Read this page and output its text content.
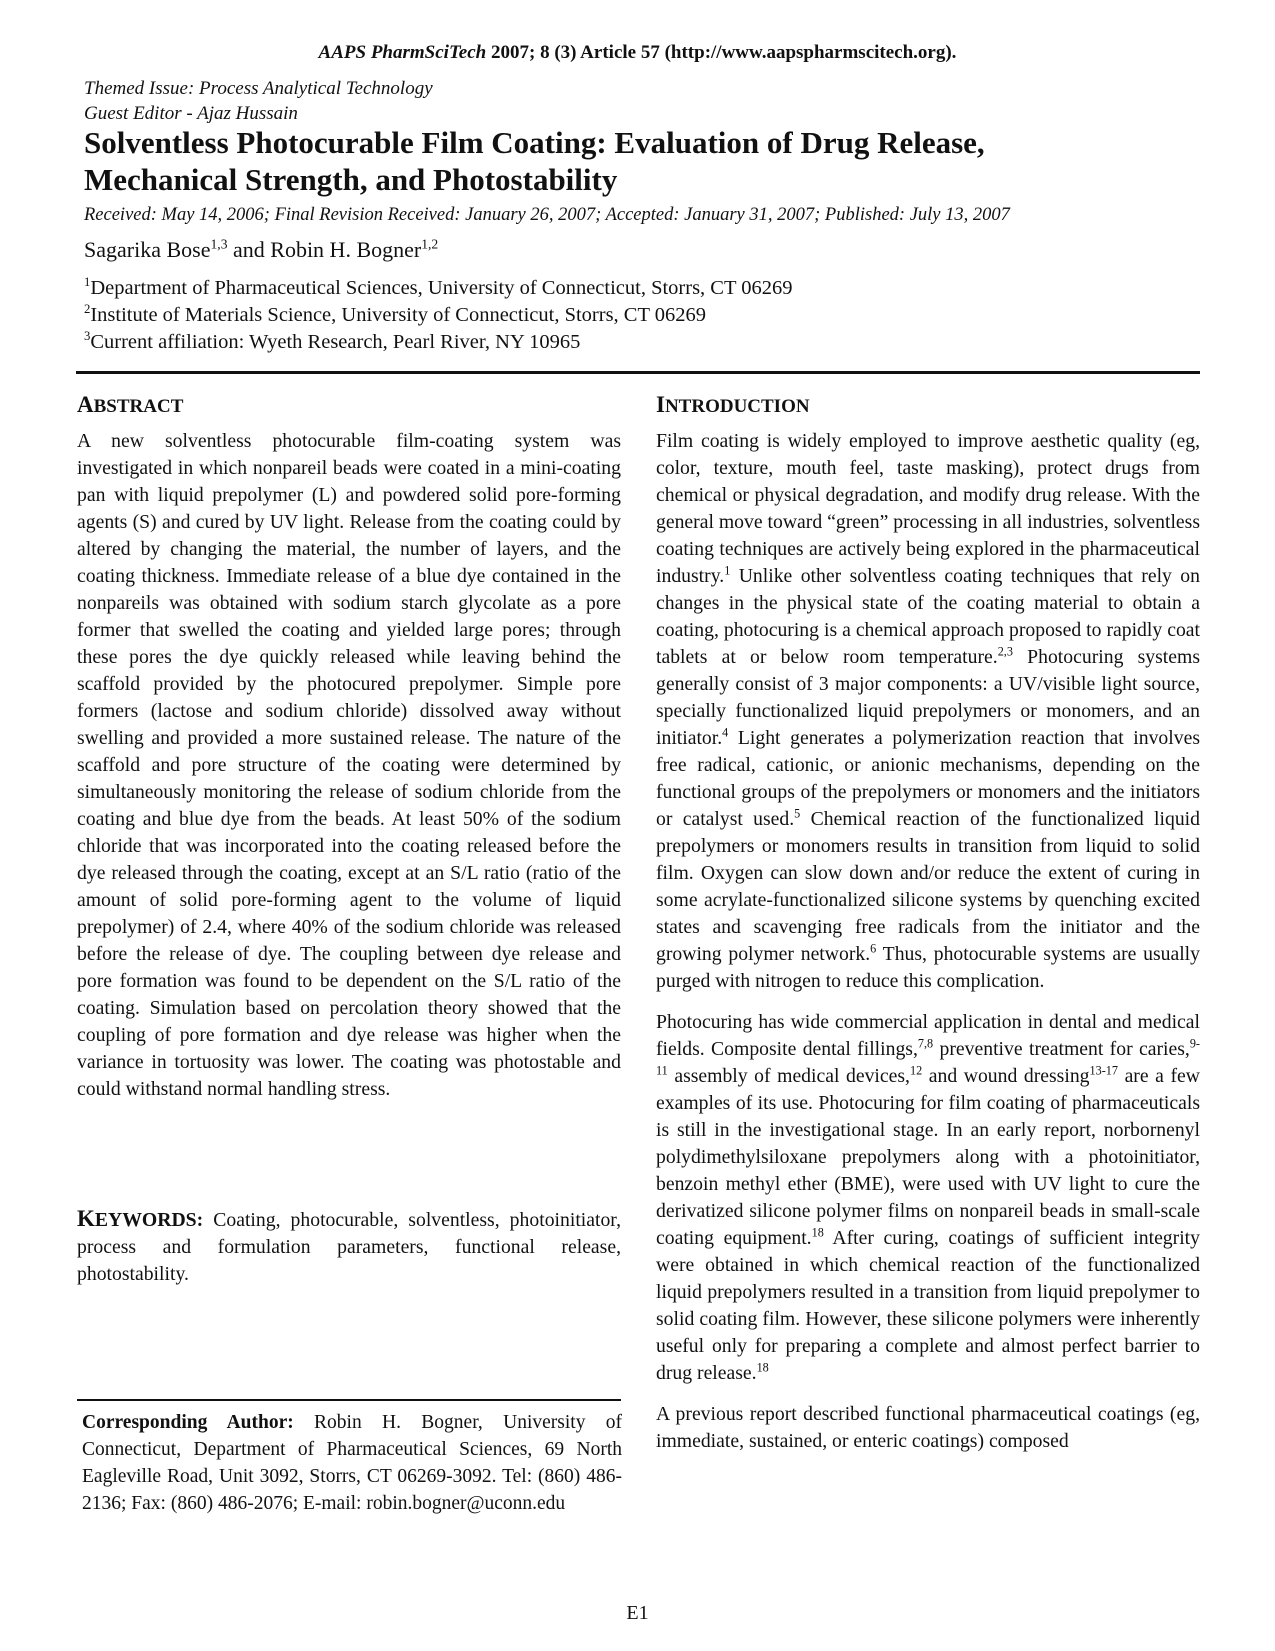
AAPS PharmSciTech 2007; 8 (3) Article 57 (http://www.aapspharmscitech.org).
Themed Issue: Process Analytical Technology
Guest Editor - Ajaz Hussain
Solventless Photocurable Film Coating: Evaluation of Drug Release,
Mechanical Strength, and Photostability
Received: May 14, 2006; Final Revision Received: January 26, 2007; Accepted: January 31, 2007; Published: July 13, 2007
Sagarika Bose$^{1,3}$ and Robin H. Bogner$^{1,2}$
$^1$Department of Pharmaceutical Sciences, University of Connecticut, Storrs, CT 06269
$^2$Institute of Materials Science, University of Connecticut, Storrs, CT 06269
$^3$Current affiliation: Wyeth Research, Pearl River, NY 10965
ABSTRACT

A new solventless photocurable film-coating system was investigated in which nonpareil beads were coated in a mini-coating pan with liquid prepolymer (L) and powdered solid pore-forming agents (S) and cured by UV light. Release from the coating could by altered by changing the material, the number of layers, and the coating thickness. Immediate release of a blue dye contained in the nonpareils was obtained with sodium starch glycolate as a pore former that swelled the coating and yielded large pores; through these pores the dye quickly released while leaving behind the scaffold provided by the photocured prepolymer. Simple pore formers (lactose and sodium chloride) dissolved away without swelling and provided a more sustained release. The nature of the scaffold and pore structure of the coating were determined by simultaneously monitoring the release of sodium chloride from the coating and blue dye from the beads. At least 50% of the sodium chloride that was incorporated into the coating released before the dye released through the coating, except at an S/L ratio (ratio of the amount of solid pore-forming agent to the volume of liquid prepolymer) of 2.4, where 40% of the sodium chloride was released before the release of dye. The coupling between dye release and pore formation was found to be dependent on the S/L ratio of the coating. Simulation based on percolation theory showed that the coupling of pore formation and dye release was higher when the variance in tortuosity was lower. The coating was photostable and could withstand normal handling stress.

KEYWORDS: Coating, photocurable, solventless, photoinitiator, process and formulation parameters, functional release, photostability.
Corresponding Author: Robin H. Bogner, University of Connecticut, Department of Pharmaceutical Sciences, 69 North Eagleville Road, Unit 3092, Storrs, CT 06269-3092. Tel: (860) 486-2136; Fax: (860) 486-2076; E-mail: robin.bogner@uconn.edu
INTRODUCTION

Film coating is widely employed to improve aesthetic quality (eg, color, texture, mouth feel, taste masking), protect drugs from chemical or physical degradation, and modify drug release. With the general move toward “green” processing in all industries, solventless coating techniques are actively being explored in the pharmaceutical industry.$^1$ Unlike other solventless coating techniques that rely on changes in the physical state of the coating material to obtain a coating, photocuring is a chemical approach proposed to rapidly coat tablets at or below room temperature.$^{2,3}$ Photocuring systems generally consist of 3 major components: a UV/visible light source, specially functionalized liquid prepolymers or monomers, and an initiator.$^4$ Light generates a polymerization reaction that involves free radical, cationic, or anionic mechanisms, depending on the functional groups of the prepolymers or monomers and the initiators or catalyst used.$^5$ Chemical reaction of the functionalized liquid prepolymers or monomers results in transition from liquid to solid film. Oxygen can slow down and/or reduce the extent of curing in some acrylate-functionalized silicone systems by quenching excited states and scavenging free radicals from the initiator and the growing polymer network.$^6$ Thus, photocurable systems are usually purged with nitrogen to reduce this complication.

Photocuring has wide commercial application in dental and medical fields. Composite dental fillings,$^{7,8}$ preventive treatment for caries,$^{9-11}$ assembly of medical devices,$^{12}$ and wound dressing$^{13-17}$ are a few examples of its use. Photocuring for film coating of pharmaceuticals is still in the investigational stage. In an early report, norbornenyl polydimethylsiloxane prepolymers along with a photoinitiator, benzoin methyl ether (BME), were used with UV light to cure the derivatized silicone polymer films on nonpareil beads in small-scale coating equipment.$^{18}$ After curing, coatings of sufficient integrity were obtained in which chemical reaction of the functionalized liquid prepolymers resulted in a transition from liquid prepolymer to solid coating film. However, these silicone polymers were inherently useful only for preparing a complete and almost perfect barrier to drug release.$^{18}$

A previous report described functional pharmaceutical coatings (eg, immediate, sustained, or enteric coatings) composed

E1
